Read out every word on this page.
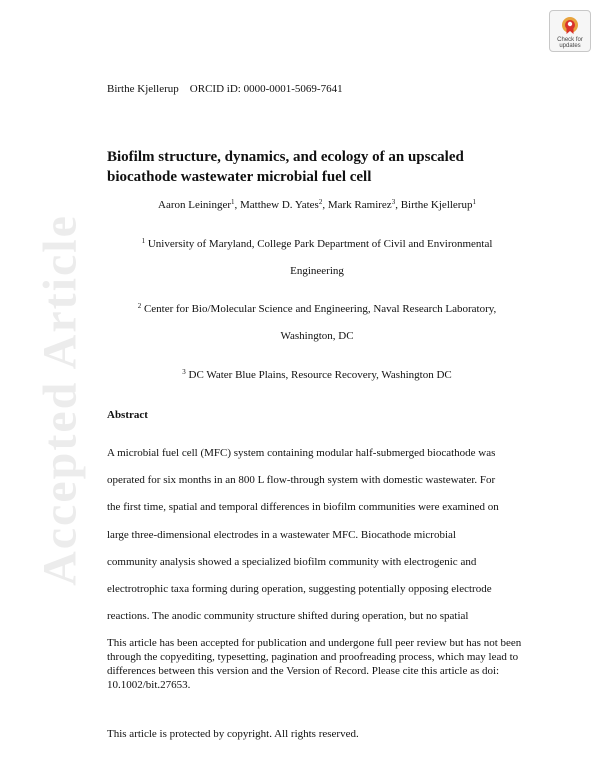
Accepted Article
Check for updates
Birthe Kjellerup ORCID iD: 0000-0001-5069-7641
Biofilm structure, dynamics, and ecology of an upscaled
biocathode wastewater microbial fuel cell
Aaron Leininger$^1$, Matthew D. Yates$^2$, Mark Ramirez$^3$, Birthe Kjellerup$^1$
$^1$ University of Maryland, College Park Department of Civil and Environmental
Engineering
$^2$ Center for Bio/Molecular Science and Engineering, Naval Research Laboratory,
Washington, DC
$^3$ DC Water Blue Plains, Resource Recovery, Washington DC
Abstract
A microbial fuel cell (MFC) system containing modular half-submerged biocathode was
operated for six months in an 800 L flow-through system with domestic wastewater. For
the first time, spatial and temporal differences in biofilm communities were examined on
large three-dimensional electrodes in a wastewater MFC. Biocathode microbial
community analysis showed a specialized biofilm community with electrogenic and
electrotrophic taxa forming during operation, suggesting potentially opposing electrode
reactions. The anodic community structure shifted during operation, but no spatial
This article has been accepted for publication and undergone full peer review but has not been through the copyediting, typesetting, pagination and proofreading process, which may lead to differences between this version and the Version of Record. Please cite this article as doi: 10.1002/bit.27653.
This article is protected by copyright. All rights reserved.
